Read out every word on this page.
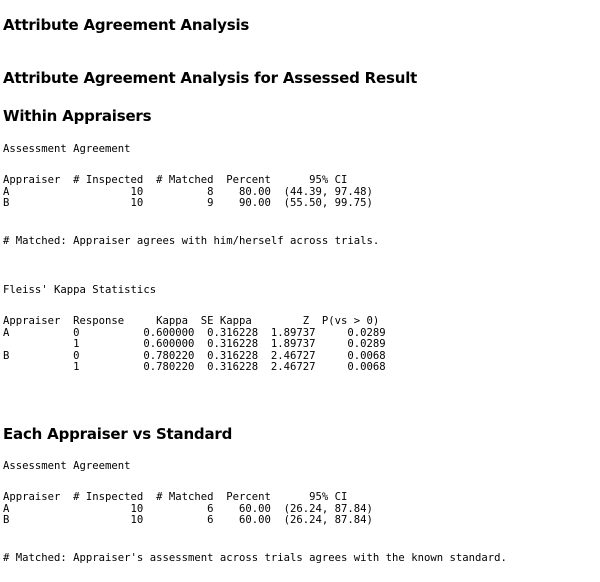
Attribute Agreement Analysis
Attribute Agreement Analysis for Assessed Result
Within Appraisers
Assessment Agreement
Appraiser  # Inspected  # Matched  Percent      95% CI
A                   10          8    80.00  (44.39, 97.48)
B                   10          9    90.00  (55.50, 99.75)
# Matched: Appraiser agrees with him/herself across trials.
Fleiss' Kappa Statistics
Appraiser  Response     Kappa  SE Kappa        Z  P(vs > 0)
A          0          0.600000  0.316228  1.89737     0.0289
1          0.600000  0.316228  1.89737     0.0289
B          0          0.780220  0.316228  2.46727     0.0068
1          0.780220  0.316228  2.46727     0.0068
Each Appraiser vs Standard
Assessment Agreement
Appraiser  # Inspected  # Matched  Percent      95% CI
A                   10          6    60.00  (26.24, 87.84)
B                   10          6    60.00  (26.24, 87.84)
# Matched: Appraiser's assessment across trials agrees with the known standard.
